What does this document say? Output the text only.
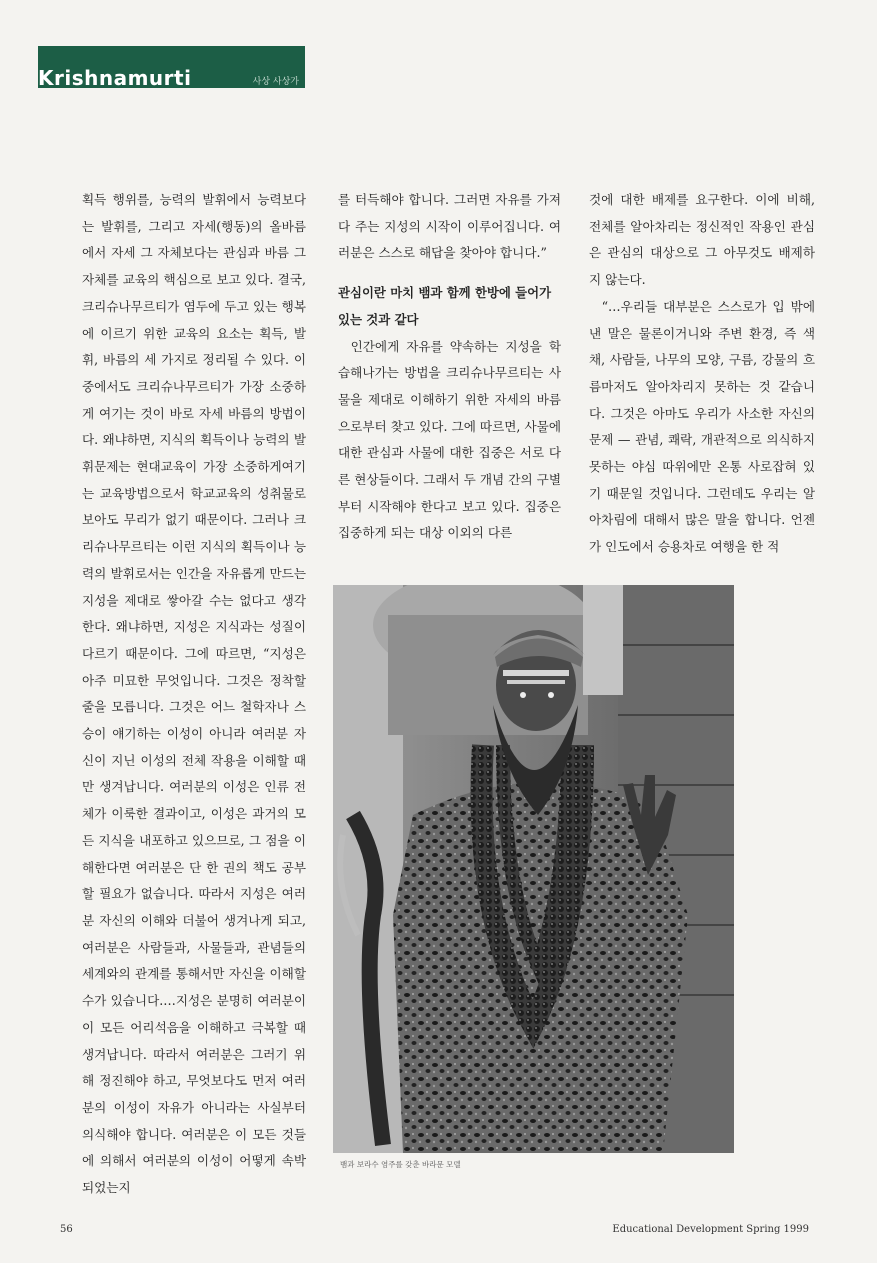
Krishnamurti	사상 사상가

획득 행위를, 능력의 발휘에서 능력보다는 발휘를, 그리고 자세(행동)의 올바름에서 자세 그 자체보다는 관심과 바름 그 자체를 교육의 핵심으로 보고 있다. 결국, 크리슈나무르티가 염두에 두고 있는 행복에 이르기 위한 교육의 요소는 획득, 발휘, 바름의 세 가지로 정리될 수 있다. 이중에서도 크리슈나무르티가 가장 소중하게 여기는 것이 바로 자세 바름의 방법이다. 왜냐하면, 지식의 획득이나 능력의 발휘문제는 현대교육이 가장 소중하게여기는 교육방법으로서 학교교육의 성취물로 보아도 무리가 없기 때문이다. 그러나 크리슈나무르티는 이런 지식의 획득이나 능력의 발휘로서는 인간을 자유롭게 만드는 지성을 제대로 쌓아갈 수는 없다고 생각한다. 왜냐하면, 지성은 지식과는 성질이 다르기 때문이다. 그에 따르면, “지성은 아주 미묘한 무엇입니다. 그것은 정착할 줄을 모릅니다. 그것은 어느 철학자나 스승이 얘기하는 이성이 아니라 여러분 자신이 지닌 이성의 전체 작용을 이해할 때만 생겨납니다. 여러분의 이성은 인류 전체가 이룩한 결과이고, 이성은 과거의 모든 지식을 내포하고 있으므로, 그 점을 이해한다면 여러분은 단 한 권의 책도 공부할 필요가 없습니다. 따라서 지성은 여러분 자신의 이해와 더불어 생겨나게 되고, 여러분은 사람들과, 사물들과, 관념들의 세계와의 관계를 통해서만 자신을 이해할 수가 있습니다.…지성은 분명히 여러분이 이 모든 어리석음을 이해하고 극복할 때 생겨납니다. 따라서 여러분은 그러기 위해 정진해야 하고, 무엇보다도 먼저 여러분의 이성이 자유가 아니라는 사실부터 의식해야 합니다. 여러분은 이 모든 것들에 의해서 여러분의 이성이 어떻게 속박되었는지

를 터득해야 합니다. 그러면 자유를 가져다 주는 지성의 시작이 이루어집니다. 여러분은 스스로 해답을 찾아야 합니다.”

관심이란 마치 뱀과 함께 한방에 들어가 있는 것과 같다

인간에게 자유를 약속하는 지성을 학습해나가는 방법을 크리슈나무르티는 사물을 제대로 이해하기 위한 자세의 바름으로부터 찾고 있다. 그에 따르면, 사물에 대한 관심과 사물에 대한 집중은 서로 다른 현상들이다. 그래서 두 개념 간의 구별부터 시작해야 한다고 보고 있다. 집중은 집중하게 되는 대상 이외의 다른

것에 대한 배제를 요구한다. 이에 비해, 전체를 알아차리는 정신적인 작용인 관심은 관심의 대상으로 그 아무것도 배제하지 않는다.

“…우리들 대부분은 스스로가 입 밖에 낸 말은 물론이거니와 주변 환경, 즉 색채, 사람들, 나무의 모양, 구름, 강물의 흐름마저도 알아차리지 못하는 것 같습니다. 그것은 아마도 우리가 사소한 자신의 문제 — 관념, 쾌락, 개관적으로 의식하지 못하는 야심 따위에만 온통 사로잡혀 있기 때문일 것입니다. 그런데도 우리는 알아차림에 대해서 많은 말을 합니다. 언젠가 인도에서 승용차로 여행을 한 적

뱀과 보라수 염주를 갖춘 바라문 모델
56	Educational Development Spring 1999
